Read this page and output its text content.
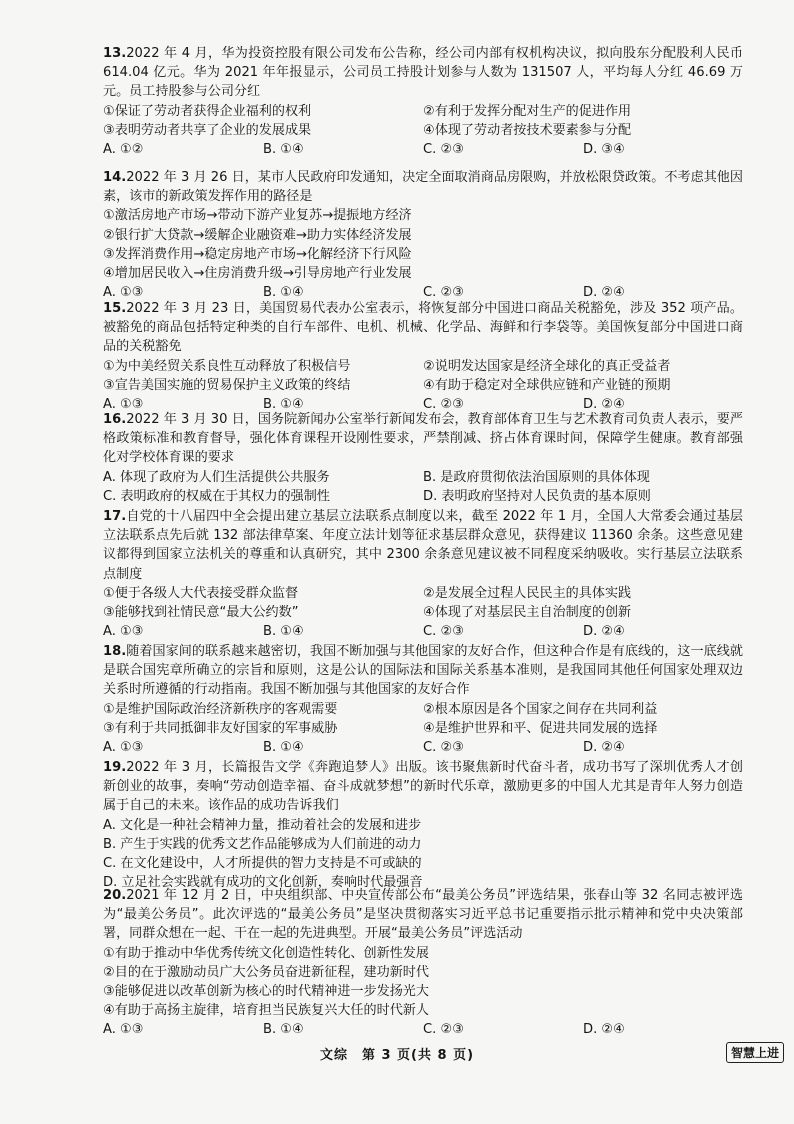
13.2022 年 4 月，华为投资控股有限公司发布公告称，经公司内部有权机构决议，拟向股东分配股利人民币 614.04 亿元。华为 2021 年年报显示，公司员工持股计划参与人数为 131507 人，平均每人分红 46.69 万元。员工持股参与公司分红

①保证了劳动者获得企业福利的权利	②有利于发挥分配对生产的促进作用
③表明劳动者共享了企业的发展成果	④体现了劳动者按技术要素参与分配
A. ①②	B. ①④	C. ②③	D. ③④

14.2022 年 3 月 26 日，某市人民政府印发通知，决定全面取消商品房限购，并放松限贷政策。不考虑其他因素，该市的新政策发挥作用的路径是

①激活房地产市场→带动下游产业复苏→提振地方经济
②银行扩大贷款→缓解企业融资难→助力实体经济发展
③发挥消费作用→稳定房地产市场→化解经济下行风险
④增加居民收入→住房消费升级→引导房地产行业发展
A. ①③	B. ①④	C. ②③	D. ②④

15.2022 年 3 月 23 日，美国贸易代表办公室表示，将恢复部分中国进口商品关税豁免，涉及 352 项产品。被豁免的商品包括特定种类的自行车部件、电机、机械、化学品、海鲜和行李袋等。美国恢复部分中国进口商品的关税豁免

①为中美经贸关系良性互动释放了积极信号	②说明发达国家是经济全球化的真正受益者
③宣告美国实施的贸易保护主义政策的终结	④有助于稳定对全球供应链和产业链的预期
A. ①③	B. ①④	C. ②③	D. ②④

16.2022 年 3 月 30 日，国务院新闻办公室举行新闻发布会，教育部体育卫生与艺术教育司负责人表示，要严格政策标准和教育督导，强化体育课程开设刚性要求，严禁削减、挤占体育课时间，保障学生健康。教育部强化对学校体育课的要求

A. 体现了政府为人们生活提供公共服务	B. 是政府贯彻依法治国原则的具体体现
C. 表明政府的权威在于其权力的强制性	D. 表明政府坚持对人民负责的基本原则

17.自党的十八届四中全会提出建立基层立法联系点制度以来，截至 2022 年 1 月，全国人大常委会通过基层立法联系点先后就 132 部法律草案、年度立法计划等征求基层群众意见，获得建议 11360 余条。这些意见建议都得到国家立法机关的尊重和认真研究，其中 2300 余条意见建议被不同程度采纳吸收。实行基层立法联系点制度

①便于各级人大代表接受群众监督	②是发展全过程人民民主的具体实践
③能够找到社情民意“最大公约数”	④体现了对基层民主自治制度的创新
A. ①③	B. ①④	C. ②③	D. ②④

18.随着国家间的联系越来越密切，我国不断加强与其他国家的友好合作，但这种合作是有底线的，这一底线就是联合国宪章所确立的宗旨和原则，这是公认的国际法和国际关系基本准则，是我国同其他任何国家处理双边关系时所遵循的行动指南。我国不断加强与其他国家的友好合作

①是维护国际政治经济新秩序的客观需要	②根本原因是各个国家之间存在共同利益
③有利于共同抵御非友好国家的军事威胁	④是维护世界和平、促进共同发展的选择
A. ①③	B. ①④	C. ②③	D. ②④

19.2022 年 3 月，长篇报告文学《奔跑追梦人》出版。该书聚焦新时代奋斗者，成功书写了深圳优秀人才创新创业的故事，奏响“劳动创造幸福、奋斗成就梦想”的新时代乐章，激励更多的中国人尤其是青年人努力创造属于自己的未来。该作品的成功告诉我们

A. 文化是一种社会精神力量，推动着社会的发展和进步
B. 产生于实践的优秀文艺作品能够成为人们前进的动力
C. 在文化建设中，人才所提供的智力支持是不可或缺的
D. 立足社会实践就有成功的文化创新，奏响时代最强音

20.2021 年 12 月 2 日，中央组织部、中央宣传部公布“最美公务员”评选结果，张春山等 32 名同志被评选为“最美公务员”。此次评选的“最美公务员”是坚决贯彻落实习近平总书记重要指示批示精神和党中央决策部署，同群众想在一起、干在一起的先进典型。开展“最美公务员”评选活动

①有助于推动中华优秀传统文化创造性转化、创新性发展
②目的在于激励动员广大公务员奋进新征程，建功新时代
③能够促进以改革创新为核心的时代精神进一步发扬光大
④有助于高扬主旋律，培育担当民族复兴大任的时代新人
A. ①③	B. ①④	C. ②③	D. ②④
文综　第 3 页(共 8 页)	智慧上进
